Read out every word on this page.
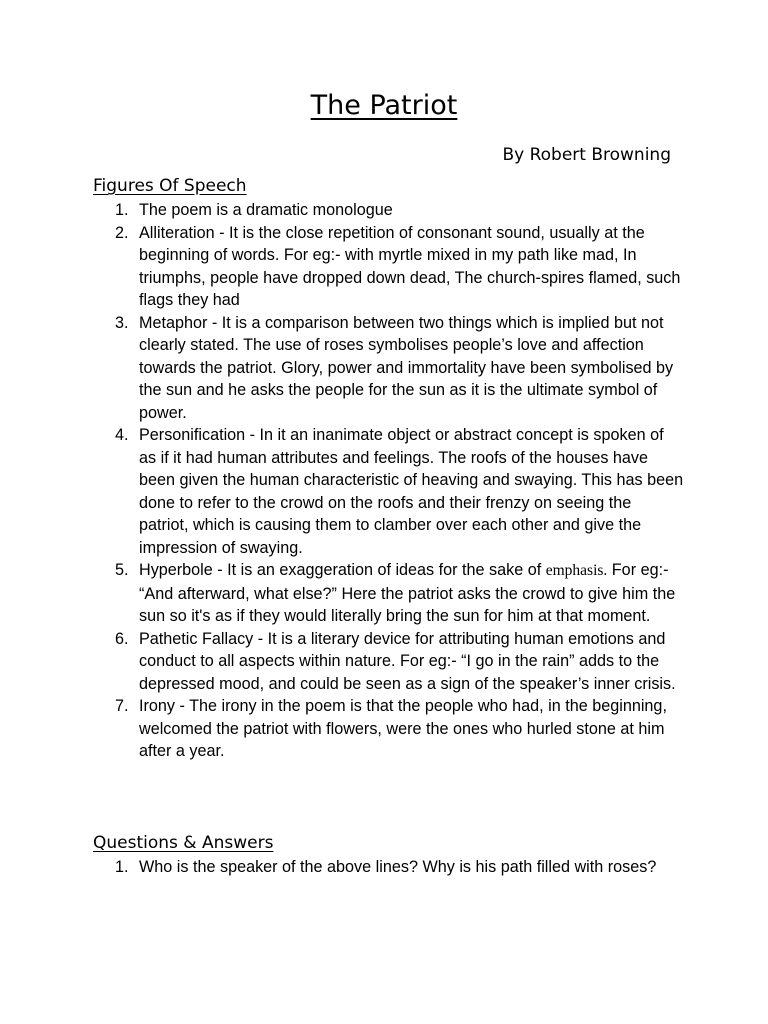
The Patriot

By Robert Browning

Figures Of Speech
1. The poem is a dramatic monologue
2. Alliteration - It is the close repetition of consonant sound, usually at the beginning of words. For eg:- with myrtle mixed in my path like mad, In triumphs, people have dropped down dead, The church-spires flamed, such flags they had
3. Metaphor - It is a comparison between two things which is implied but not clearly stated. The use of roses symbolises people’s love and affection towards the patriot. Glory, power and immortality have been symbolised by the sun and he asks the people for the sun as it is the ultimate symbol of power.
4. Personification - In it an inanimate object or abstract concept is spoken of as if it had human attributes and feelings. The roofs of the houses have been given the human characteristic of heaving and swaying. This has been done to refer to the crowd on the roofs and their frenzy on seeing the patriot, which is causing them to clamber over each other and give the impression of swaying.
5. Hyperbole - It is an exaggeration of ideas for the sake of emphasis. For eg:- “And afterward, what else?” Here the patriot asks the crowd to give him the sun so it's as if they would literally bring the sun for him at that moment.
6. Pathetic Fallacy - It is a literary device for attributing human emotions and conduct to all aspects within nature. For eg:- “I go in the rain” adds to the depressed mood, and could be seen as a sign of the speaker’s inner crisis.
7. Irony - The irony in the poem is that the people who had, in the beginning, welcomed the patriot with flowers, were the ones who hurled stone at him after a year.
Questions & Answers
1. Who is the speaker of the above lines? Why is his path filled with roses?
